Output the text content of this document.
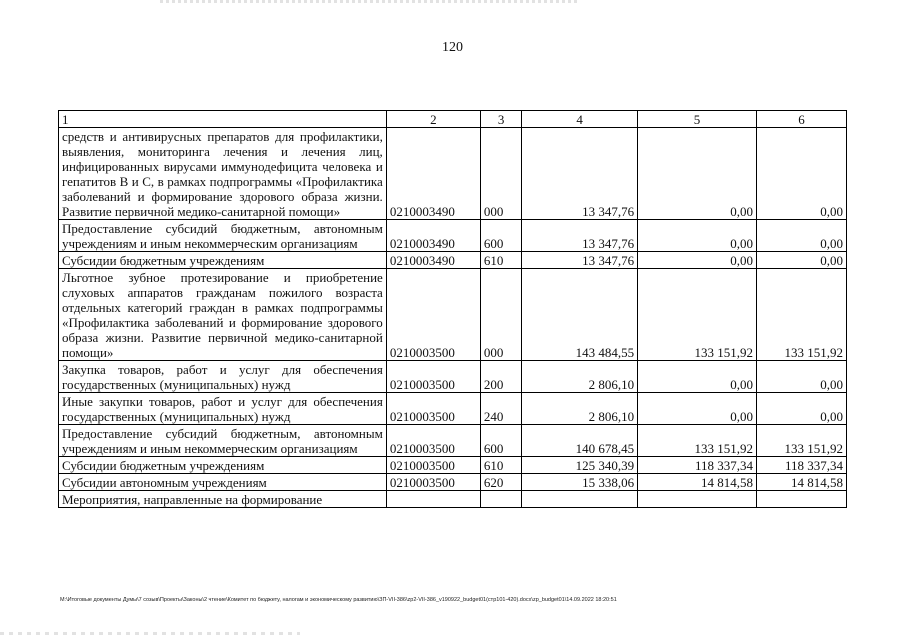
120
1	2	3	4	5	6
средств и антивирусных препаратов для профилактики, выявления, мониторинга лечения и лечения лиц, инфицированных вирусами иммунодефицита человека и гепатитов В и С, в рамках подпрограммы «Профилактика заболеваний и формирование здорового образа жизни. Развитие первичной медико-санитарной помощи»	0210003490	000	13 347,76	0,00	0,00
Предоставление субсидий бюджетным, автономным учреждениям и иным некоммерческим организациям	0210003490	600	13 347,76	0,00	0,00
Субсидии бюджетным учреждениям	0210003490	610	13 347,76	0,00	0,00
Льготное зубное протезирование и приобретение слуховых аппаратов гражданам пожилого возраста отдельных категорий граждан в рамках подпрограммы «Профилактика заболеваний и формирование здорового образа жизни. Развитие первичной медико-санитарной помощи»	0210003500	000	143 484,55	133 151,92	133 151,92
Закупка товаров, работ и услуг для обеспечения государственных (муниципальных) нужд	0210003500	200	2 806,10	0,00	0,00
Иные закупки товаров, работ и услуг для обеспечения государственных (муниципальных) нужд	0210003500	240	2 806,10	0,00	0,00
Предоставление субсидий бюджетным, автономным учреждениям и иным некоммерческим организациям	0210003500	600	140 678,45	133 151,92	133 151,92
Субсидии бюджетным учреждениям	0210003500	610	125 340,39	118 337,34	118 337,34
Субсидии автономным учреждениям	0210003500	620	15 338,06	14 814,58	14 814,58
Мероприятия, направленные на формирование					
M:\Итоговые документы Думы\7 созыв\Проекты\Законы\2 чтение\Комитет по бюджету, налогам и экономическому развитию\ЗП-VII-386\zp2-VII-386_v190922_budget01(стр101-420).docx\zp_budget01\14.09.2022 18:20:51
